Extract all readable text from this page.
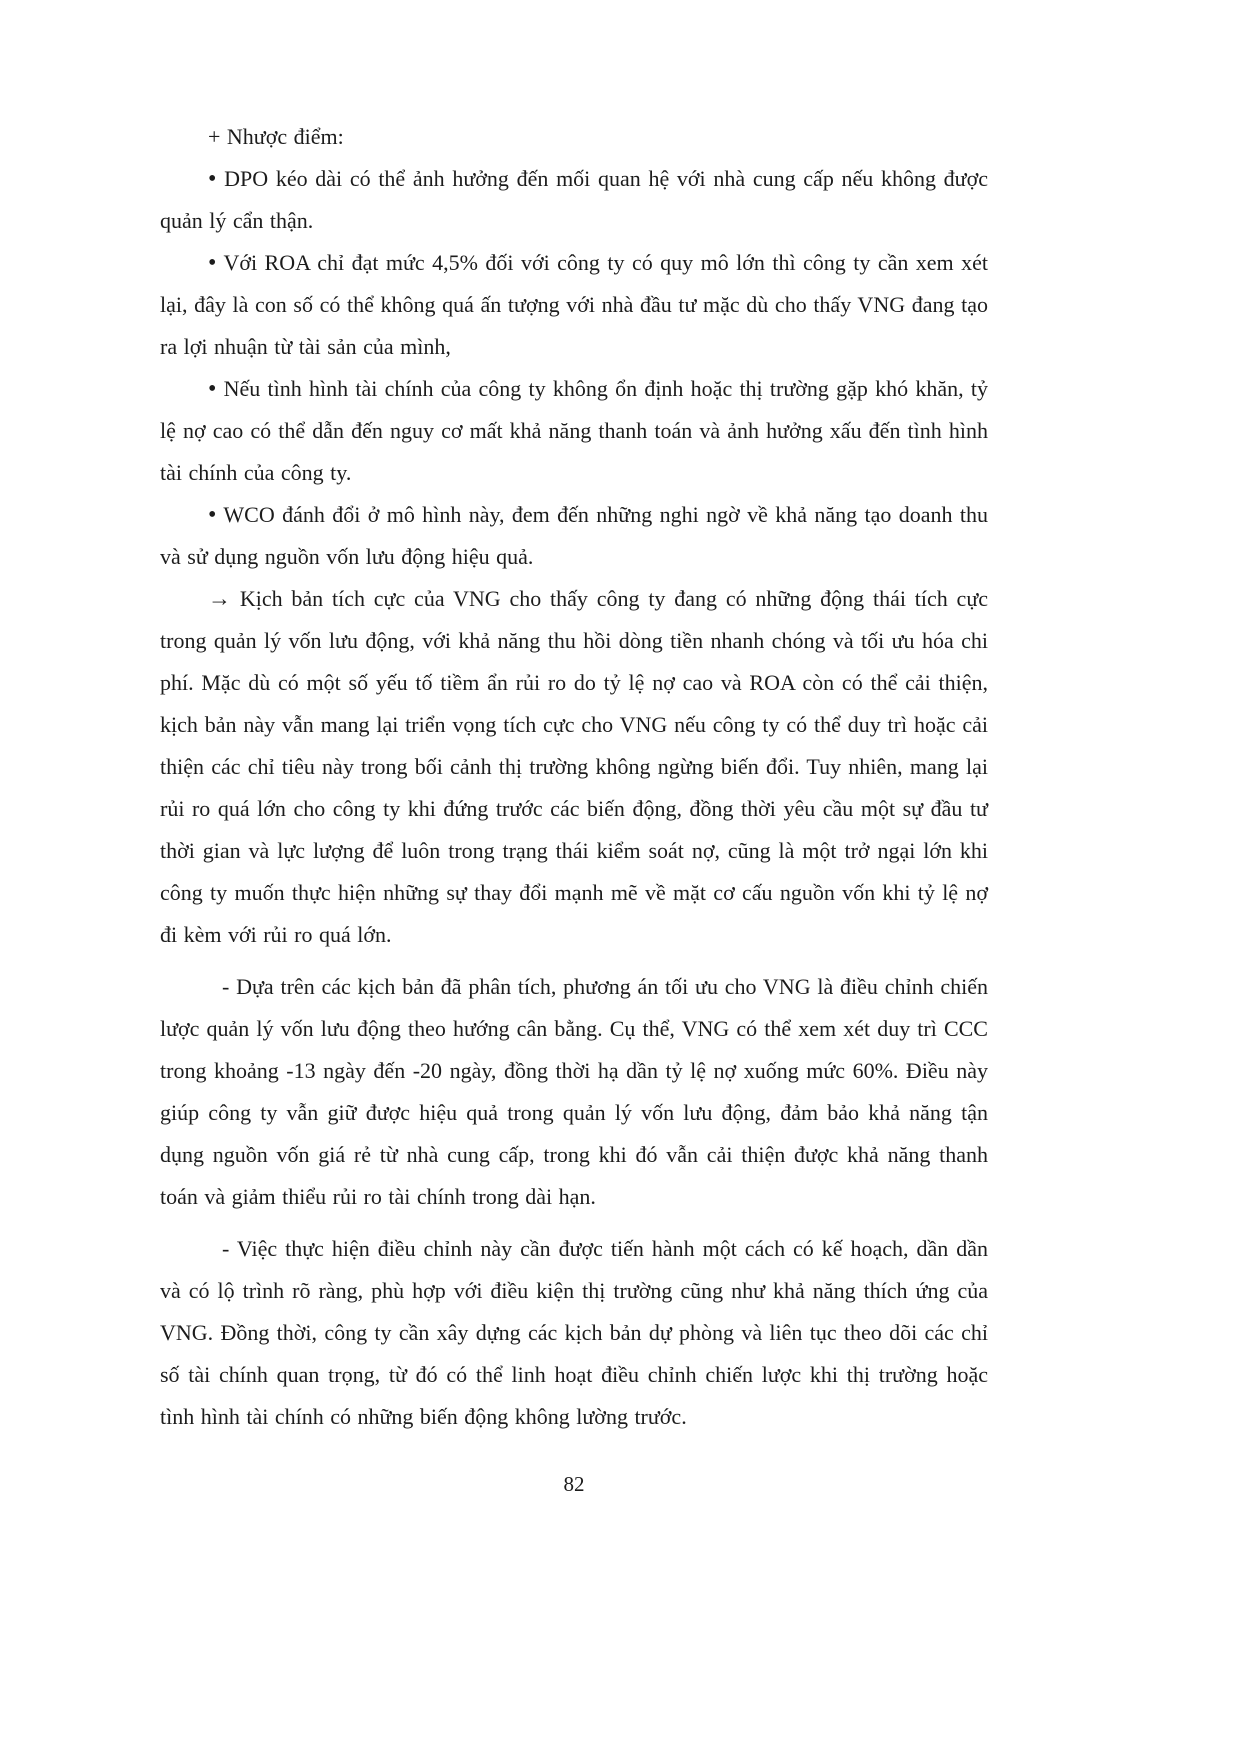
+ Nhược điểm:

• DPO kéo dài có thể ảnh hưởng đến mối quan hệ với nhà cung cấp nếu không được quản lý cẩn thận.

• Với ROA chỉ đạt mức 4,5% đối với công ty có quy mô lớn thì công ty cần xem xét lại, đây là con số có thể không quá ấn tượng với nhà đầu tư mặc dù cho thấy VNG đang tạo ra lợi nhuận từ tài sản của mình,

• Nếu tình hình tài chính của công ty không ổn định hoặc thị trường gặp khó khăn, tỷ lệ nợ cao có thể dẫn đến nguy cơ mất khả năng thanh toán và ảnh hưởng xấu đến tình hình tài chính của công ty.

• WCO đánh đổi ở mô hình này, đem đến những nghi ngờ về khả năng tạo doanh thu và sử dụng nguồn vốn lưu động hiệu quả.

→ Kịch bản tích cực của VNG cho thấy công ty đang có những động thái tích cực trong quản lý vốn lưu động, với khả năng thu hồi dòng tiền nhanh chóng và tối ưu hóa chi phí. Mặc dù có một số yếu tố tiềm ẩn rủi ro do tỷ lệ nợ cao và ROA còn có thể cải thiện, kịch bản này vẫn mang lại triển vọng tích cực cho VNG nếu công ty có thể duy trì hoặc cải thiện các chỉ tiêu này trong bối cảnh thị trường không ngừng biến đổi. Tuy nhiên, mang lại rủi ro quá lớn cho công ty khi đứng trước các biến động, đồng thời yêu cầu một sự đầu tư thời gian và lực lượng để luôn trong trạng thái kiểm soát nợ, cũng là một trở ngại lớn khi công ty muốn thực hiện những sự thay đổi mạnh mẽ về mặt cơ cấu nguồn vốn khi tỷ lệ nợ đi kèm với rủi ro quá lớn.

- Dựa trên các kịch bản đã phân tích, phương án tối ưu cho VNG là điều chỉnh chiến lược quản lý vốn lưu động theo hướng cân bằng. Cụ thể, VNG có thể xem xét duy trì CCC trong khoảng -13 ngày đến -20 ngày, đồng thời hạ dần tỷ lệ nợ xuống mức 60%. Điều này giúp công ty vẫn giữ được hiệu quả trong quản lý vốn lưu động, đảm bảo khả năng tận dụng nguồn vốn giá rẻ từ nhà cung cấp, trong khi đó vẫn cải thiện được khả năng thanh toán và giảm thiểu rủi ro tài chính trong dài hạn.

- Việc thực hiện điều chỉnh này cần được tiến hành một cách có kế hoạch, dần dần và có lộ trình rõ ràng, phù hợp với điều kiện thị trường cũng như khả năng thích ứng của VNG. Đồng thời, công ty cần xây dựng các kịch bản dự phòng và liên tục theo dõi các chỉ số tài chính quan trọng, từ đó có thể linh hoạt điều chỉnh chiến lược khi thị trường hoặc tình hình tài chính có những biến động không lường trước.

82
